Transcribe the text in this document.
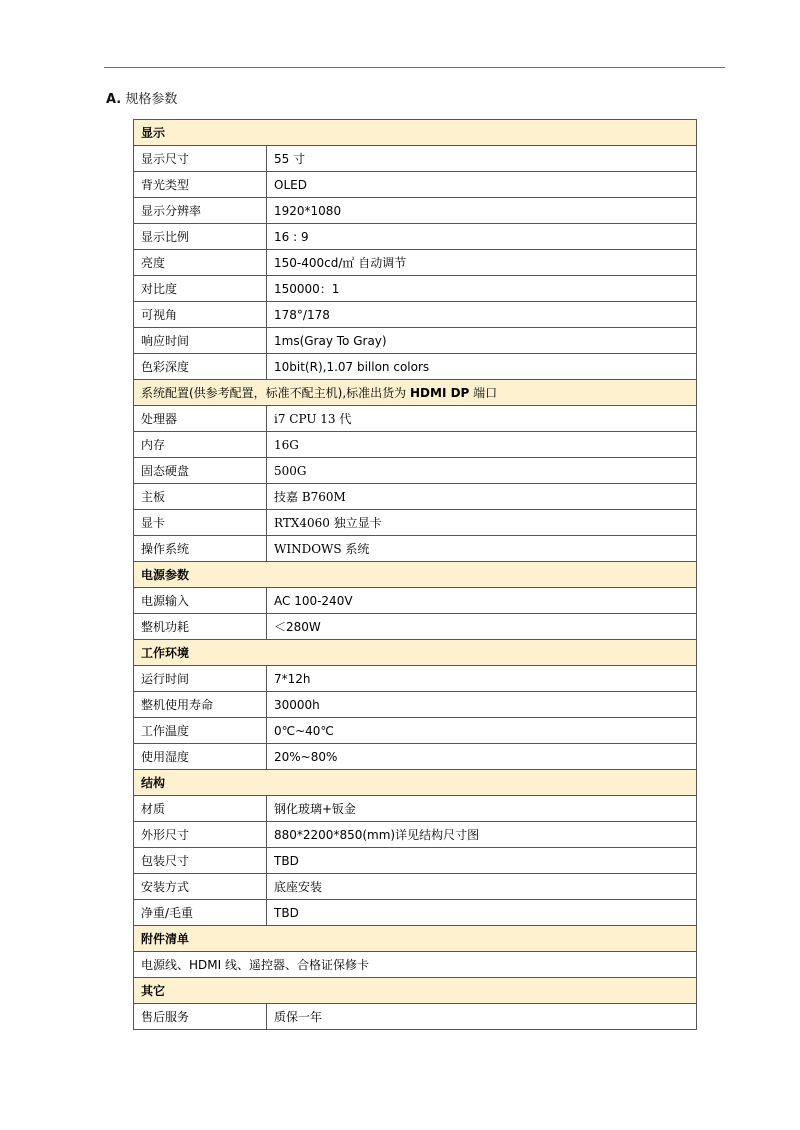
A. 规格参数
显示	
显示尺寸	55 寸
背光类型	OLED
显示分辨率	1920*1080
显示比例	16 : 9
亮度	150-400cd/㎡ 自动调节
对比度	150000：1
可视角	178°/178
响应时间	1ms(Gray To Gray)
色彩深度	10bit(R),1.07 billon colors
系统配置(供参考配置，标准不配主机),标准出货为 HDMI DP 端口	
处理器	i7 CPU 13 代
内存	16G
固态硬盘	500G
主板	技嘉 B760M
显卡	RTX4060 独立显卡
操作系统	WINDOWS 系统
电源参数	
电源输入	AC 100-240V
整机功耗	＜280W
工作环境	
运行时间	7*12h
整机使用寿命	30000h
工作温度	0℃~40℃
使用湿度	20%~80%
结构	
材质	钢化玻璃+钣金
外形尺寸	880*2200*850(mm)详见结构尺寸图
包装尺寸	TBD
安装方式	底座安装
净重/毛重	TBD
附件清单	
电源线、HDMI 线、遥控器、合格证保修卡	
其它	
售后服务	质保一年
